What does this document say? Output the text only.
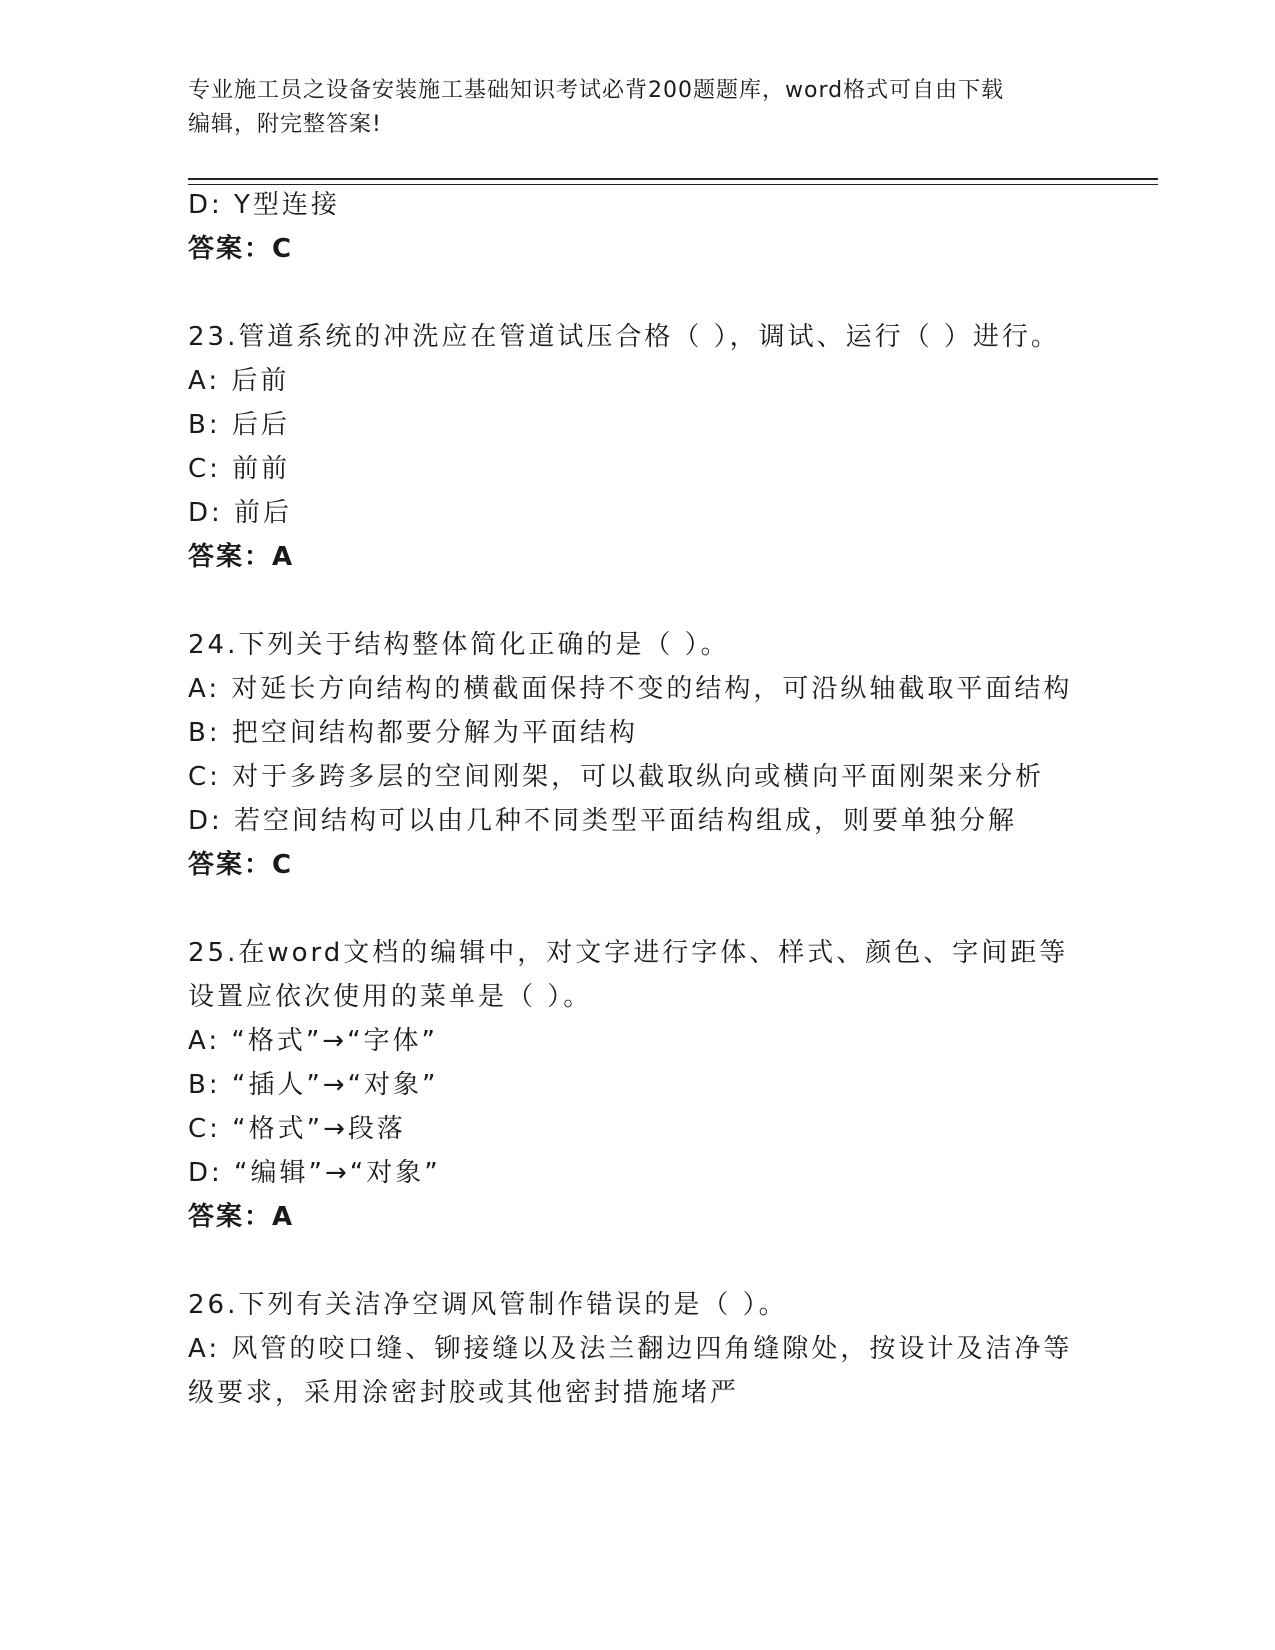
专业施工员之设备安装施工基础知识考试必背200题题库，word格式可自由下载
编辑，附完整答案!
D: Y型连接
答案：C
23.管道系统的冲洗应在管道试压合格（ ），调试、运行（ ）进行。
A: 后前
B: 后后
C: 前前
D: 前后
答案：A
24.下列关于结构整体简化正确的是（ ）。
A: 对延长方向结构的横截面保持不变的结构，可沿纵轴截取平面结构
B: 把空间结构都要分解为平面结构
C: 对于多跨多层的空间刚架，可以截取纵向或横向平面刚架来分析
D: 若空间结构可以由几种不同类型平面结构组成，则要单独分解
答案：C
25.在word文档的编辑中，对文字进行字体、样式、颜色、字间距等
设置应依次使用的菜单是（ ）。
A: “格式”→“字体”
B: “插人”→“对象”
C: “格式”→段落
D: “编辑”→“对象”
答案：A
26.下列有关洁净空调风管制作错误的是（ ）。
A: 风管的咬口缝、铆接缝以及法兰翻边四角缝隙处，按设计及洁净等
级要求，采用涂密封胶或其他密封措施堵严
